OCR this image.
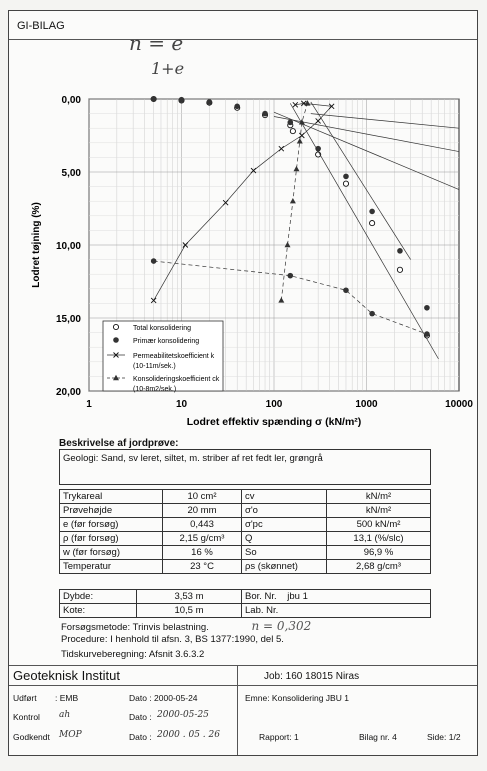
GI-BILAG
n = e
1+e
1	10	100	1000	10000
0,00
5,00
10,00
15,00
20,00
Lodret effektiv spænding σ (kN/m²)
Lodret tøjning (%)
Total konsolidering
Primær konsolidering
Permeabilitetskoefficient k
(10-11m/sek.)
Konsolideringskoefficient ck
(10-8m2/sek.)
Beskrivelse af jordprøve:
Geologi: Sand, sv leret, siltet, m. striber af ret fedt ler, grøngrå
Trykareal	10 cm²	cv	kN/m²
Prøvehøjde	20 mm	σ'o	kN/m²
e (før forsøg)	0,443	σ'pc	500 kN/m²
ρ (før forsøg)	2,15 g/cm³	Q	13,1 (%/slc)
w (før forsøg)	16 %	So	96,9 %
Temperatur	23 °C	ρs (skønnet)	2,68 g/cm³
Dybde:	3,53 m	Bor. Nr. jbu 1
Kote:	10,5 m	Lab. Nr.
Forsøgsmetode: Trinvis belastning.	n = 0,302
Procedure: I henhold til afsn. 3, BS 1377:1990, del 5.
Tidskurveberegning: Afsnit 3.6.3.2
Geoteknisk Institut	Job: 160 18015 Niras
Udført : EMB	Dato : 2000-05-24	Emne: Konsolidering JBU 1
Kontrol ah	Dato : 2000-05-25
Godkendt MOP	Dato : 2000 . 05 . 26	Rapport: 1	Bilag nr. 4	Side: 1/2
